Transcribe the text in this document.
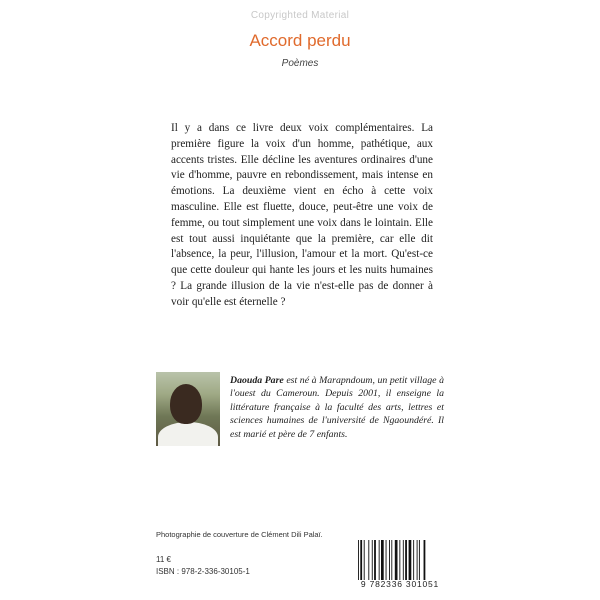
Copyrighted Material
Accord perdu
Poèmes

Il y a dans ce livre deux voix complémentaires. La première figure la voix d'un homme, pathétique, aux accents tristes. Elle décline les aventures ordinaires d'une vie d'homme, pauvre en rebondissement, mais intense en émotions. La deuxième vient en écho à cette voix masculine. Elle est fluette, douce, peut-être une voix de femme, ou tout simplement une voix dans le lointain. Elle est tout aussi inquiétante que la première, car elle dit l'absence, la peur, l'illusion, l'amour et la mort. Qu'est-ce que cette douleur qui hante les jours et les nuits humaines ? La grande illusion de la vie n'est-elle pas de donner à voir qu'elle est éternelle ?

Daouda Pare est né à Marapndoum, un petit village à l'ouest du Cameroun. Depuis 2001, il enseigne la littérature française à la faculté des arts, lettres et sciences humaines de l'université de Ngaoundéré. Il est marié et père de 7 enfants.

Photographie de couverture de Clément Dili Palaï.
11 €
ISBN : 978-2-336-30105-1
9 782336 301051
